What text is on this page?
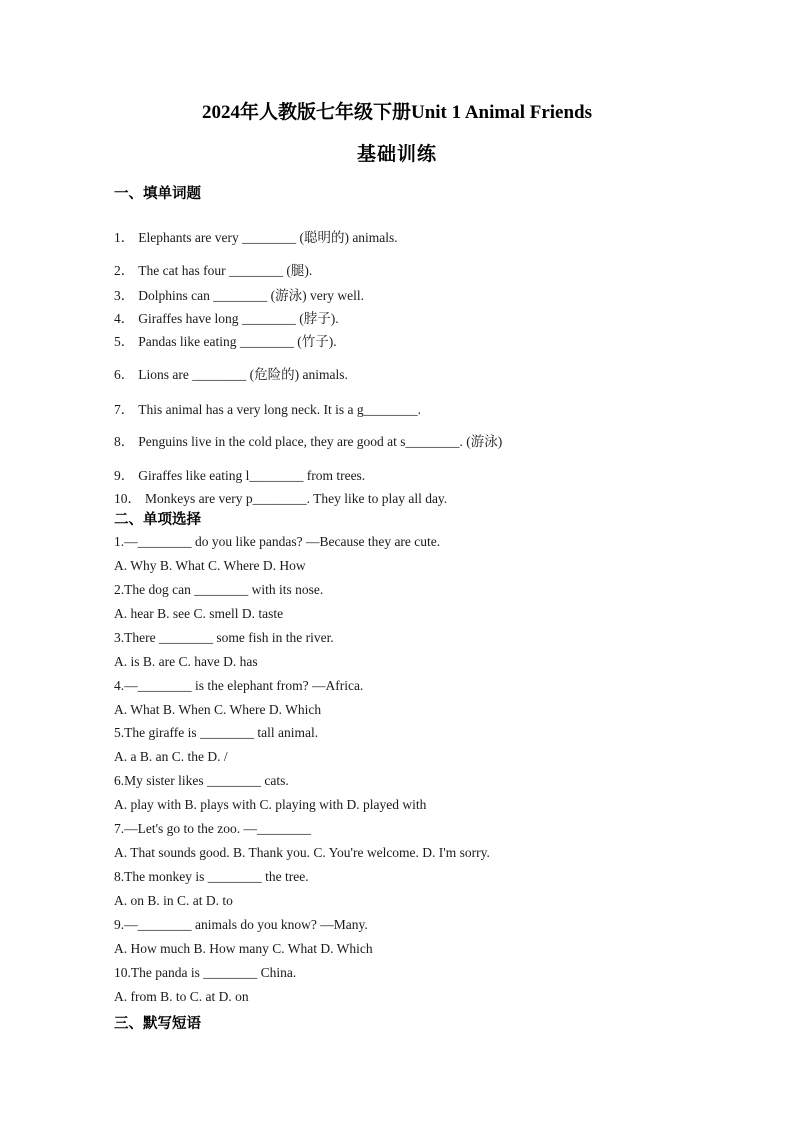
2024年人教版七年级下册Unit 1 Animal Friends
基础训练
一、填单词题
1． Elephants are very ________ (聪明的) animals.
2． The cat has four ________ (腿).
3． Dolphins can ________ (游泳) very well.
4． Giraffes have long ________ (脖子).
5． Pandas like eating ________ (竹子).
6． Lions are ________ (危险的) animals.
7． This animal has a very long neck. It is a g________.
8． Penguins live in the cold place, they are good at s________. (游泳)
9． Giraffes like eating l________ from trees.
10． Monkeys are very p________. They like to play all day.
二、单项选择
1.—________ do you like pandas? —Because they are cute.
A. Why B. What C. Where D. How
2.The dog can ________ with its nose.
A. hear B. see C. smell D. taste
3.There ________ some fish in the river.
A. is B. are C. have D. has
4.—________ is the elephant from? —Africa.
A. What B. When C. Where D. Which
5.The giraffe is ________ tall animal.
A. a B. an C. the D. /
6.My sister likes ________ cats.
A. play with B. plays with C. playing with D. played with
7.—Let's go to the zoo. —________
A. That sounds good. B. Thank you. C. You're welcome. D. I'm sorry.
8.The monkey is ________ the tree.
A. on B. in C. at D. to
9.—________ animals do you know? —Many.
A. How much B. How many C. What D. Which
10.The panda is ________ China.
A. from B. to C. at D. on
三、默写短语
